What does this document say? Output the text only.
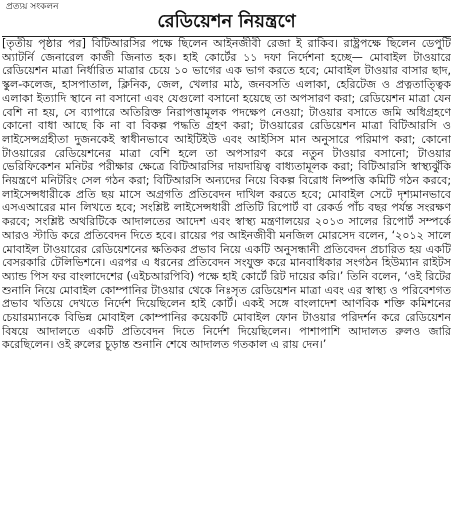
প্রত্যয় সংকলন
রেডিয়েশন নিয়ন্ত্রণে
[তৃতীয় পৃষ্ঠার পর] বিটিআরসির পক্ষে ছিলেন আইনজীবী রেজা ই রাকিব। রাষ্ট্রপক্ষে ছিলেন ডেপুটি অ্যাটর্নি জেনারেল কাজী জিনাত হক। হাই কোর্টের ১১ দফা নির্দেশনা হচ্ছে— মোবাইল টাওয়ারে রেডিয়েশন মাত্রা নির্ধারিত মাত্রার চেয়ে ১০ ভাগের এক ভাগ করতে হবে; মোবাইল টাওয়ার বাসার ছাদ, স্কুল-কলেজ, হাসপাতাল, ক্লিনিক, জেল, খেলার মাঠ, জনবসতি এলাকা, হেরিটেজ ও প্রত্নতাত্ত্বিক এলাকা ইত্যাদি স্থানে না বসানো এবং যেগুলো বসানো হয়েছে তা অপসারণ করা; রেডিয়েশন মাত্রা যেন বেশি না হয়, সে ব্যাপারে অতিরিক্ত নিরাপত্তামূলক পদক্ষেপ নেওয়া; টাওয়ার বসাতে জমি অধিগ্রহণে কোনো বাধা আছে কি না বা বিকল্প পদ্ধতি গ্রহণ করা; টাওয়ারের রেডিয়েশন মাত্রা বিটিআরসি ও লাইসেন্সগ্রহীতা দুজনকেই স্বাধীনভাবে আইটিইউ এবং আইসিস মান অনুসারে পরিমাপ করা; কোনো টাওয়ারের রেডিয়েশনের মাত্রা বেশি হলে তা অপসারণ করে নতুন টাওয়ার বসানো; টাওয়ার ভেরিফিকেশন মনিটর পরীক্ষার ক্ষেত্রে বিটিআরসির দায়দায়িত্ব বাধ্যতামূলক করা; বিটিআরসি স্বাস্থ্যঝুঁকি নিয়ন্ত্রণে মনিটরিং সেল গঠন করা; বিটিআরসি অন্যদের নিয়ে বিকল্প বিরোধ নিষ্পত্তি কমিটি গঠন করবে; লাইসেন্সধারীকে প্রতি ছয় মাসে অগ্রগতি প্রতিবেদন দাখিল করতে হবে; মোবাইল সেটে দৃশ্যমানভাবে এসএআরের মান লিখতে হবে; সংশ্লিষ্ট লাইসেন্সধারী প্রতিটি রিপোর্ট বা রেকর্ড পাঁচ বছর পর্যন্ত সংরক্ষণ করবে; সংশ্লিষ্ট অথরিটিকে আদালতের আদেশ এবং স্বাস্থ্য মন্ত্রণালয়ের ২০১৩ সালের রিপোর্ট সম্পর্কে আরও স্টাডি করে প্রতিবেদন দিতে হবে। রায়ের পর আইনজীবী মনজিল মোরসেদ বলেন, ‘২০১২ সালে মোবাইল টাওয়ারের রেডিয়েশনের ক্ষতিকর প্রভাব নিয়ে একটি অনুসন্ধানী প্রতিবেদন প্রচারিত হয় একটি বেসরকারি টেলিভিশনে। এরপর এ ধরনের প্রতিবেদন সংযুক্ত করে মানবাধিকার সংগঠন হিউম্যান রাইটস অ্যান্ড পিস ফর বাংলাদেশের (এইচআরপিবি) পক্ষে হাই কোর্টে রিট দায়ের করি।’ তিনি বলেন, ‘ওই রিটের শুনানি নিয়ে মোবাইল কোম্পানির টাওয়ার থেকে নিঃসৃত রেডিয়েশন মাত্রা এবং এর স্বাস্থ্য ও পরিবেশগত প্রভাব খতিয়ে দেখতে নির্দেশ দিয়েছিলেন হাই কোর্ট। একই সঙ্গে বাংলাদেশ আণবিক শক্তি কমিশনের চেয়ারম্যানকে বিভিন্ন মোবাইল কোম্পানির কয়েকটি মোবাইল ফোন টাওয়ার পরিদর্শন করে রেডিয়েশন বিষয়ে আদালতে একটি প্রতিবেদন দিতে নির্দেশ দিয়েছিলেন। পাশাপাশি আদালত রুলও জারি করেছিলেন। ওই রুলের চূড়ান্ত শুনানি শেষে আদালত গতকাল এ রায় দেন।’
